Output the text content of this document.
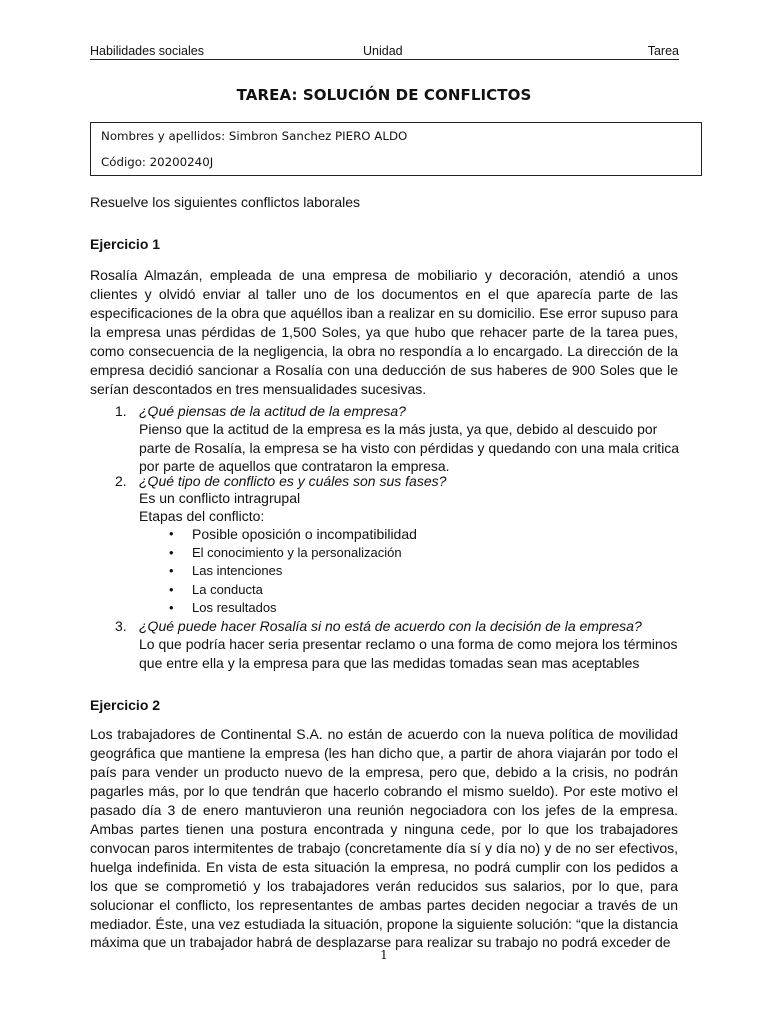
Habilidades sociales	Unidad	Tarea
TAREA: SOLUCIÓN DE CONFLICTOS
Nombres y apellidos: Simbron Sanchez PIERO ALDO
Código: 20200240J
Resuelve los siguientes conflictos laborales
Ejercicio 1

Rosalía Almazán, empleada de una empresa de mobiliario y decoración, atendió a unos clientes y olvidó enviar al taller uno de los documentos en el que aparecía parte de las especificaciones de la obra que aquéllos iban a realizar en su domicilio. Ese error supuso para la empresa unas pérdidas de 1,500 Soles, ya que hubo que rehacer parte de la tarea pues, como consecuencia de la negligencia, la obra no respondía a lo encargado. La dirección de la empresa decidió sancionar a Rosalía con una deducción de sus haberes de 900 Soles que le serían descontados en tres mensualidades sucesivas.

1. ¿Qué piensas de la actitud de la empresa?
Pienso que la actitud de la empresa es la más justa, ya que, debido al descuido por parte de Rosalía, la empresa se ha visto con pérdidas y quedando con una mala critica por parte de aquellos que contrataron la empresa.
2. ¿Qué tipo de conflicto es y cuáles son sus fases?
Es un conflicto intragrupal
Etapas del conflicto:
• Posible oposición o incompatibilidad
• El conocimiento y la personalización
• Las intenciones
• La conducta
• Los resultados
3. ¿Qué puede hacer Rosalía si no está de acuerdo con la decisión de la empresa?
Lo que podría hacer seria presentar reclamo o una forma de como mejora los términos que entre ella y la empresa para que las medidas tomadas sean mas aceptables
Ejercicio 2

Los trabajadores de Continental S.A. no están de acuerdo con la nueva política de movilidad geográfica que mantiene la empresa (les han dicho que, a partir de ahora viajarán por todo el país para vender un producto nuevo de la empresa, pero que, debido a la crisis, no podrán pagarles más, por lo que tendrán que hacerlo cobrando el mismo sueldo). Por este motivo el pasado día 3 de enero mantuvieron una reunión negociadora con los jefes de la empresa. Ambas partes tienen una postura encontrada y ninguna cede, por lo que los trabajadores convocan paros intermitentes de trabajo (concretamente día sí y día no) y de no ser efectivos, huelga indefinida. En vista de esta situación la empresa, no podrá cumplir con los pedidos a los que se comprometió y los trabajadores verán reducidos sus salarios, por lo que, para solucionar el conflicto, los representantes de ambas partes deciden negociar a través de un mediador. Éste, una vez estudiada la situación, propone la siguiente solución: “que la distancia máxima que un trabajador habrá de desplazarse para realizar su trabajo no podrá exceder de

1
